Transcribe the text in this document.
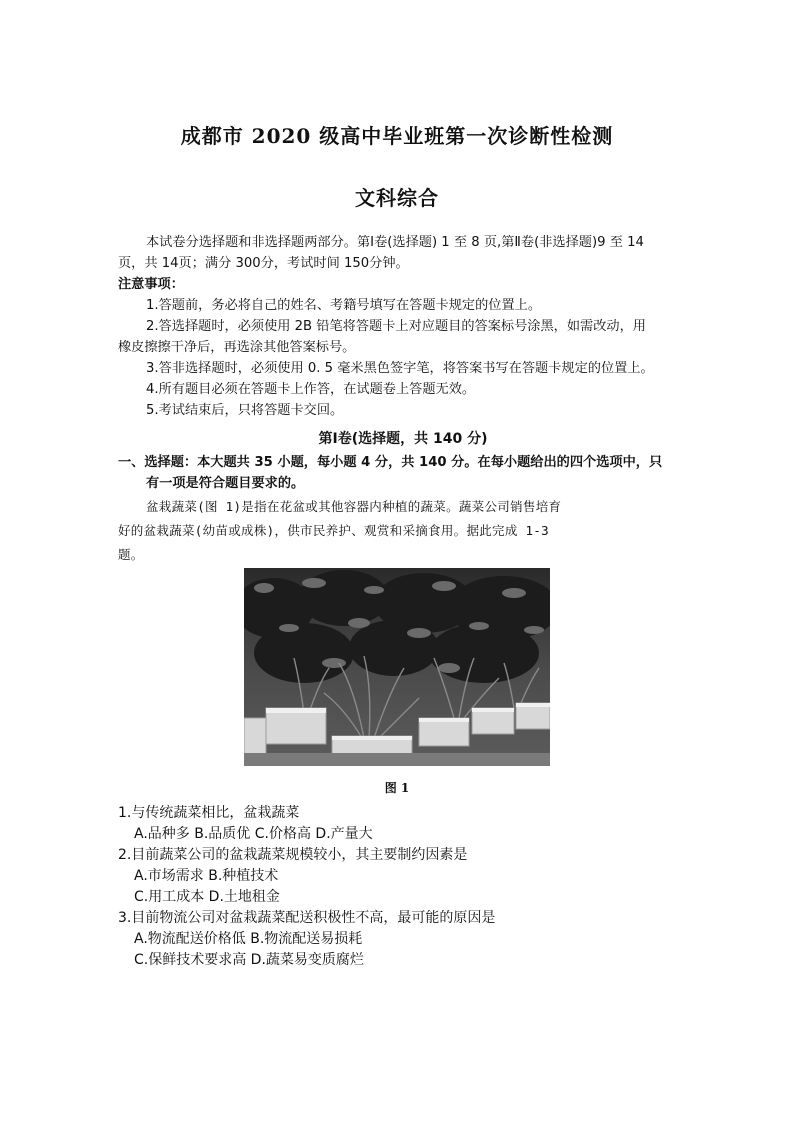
成都市 2020 级高中毕业班第一次诊断性检测
文科综合

本试卷分选择题和非选择题两部分。第Ⅰ卷(选择题) 1 至 8 页,第Ⅱ卷(非选择题)9 至 14

页，共 14页；满分 300分，考试时间 150分钟。

注意事项：

1.答题前，务必将自己的姓名、考籍号填写在答题卡规定的位置上。

2.答选择题时，必须使用 2B 铅笔将答题卡上对应题目的答案标号涂黑，如需改动，用

橡皮擦擦干净后，再选涂其他答案标号。

3.答非选择题时，必须使用 0. 5 毫米黑色签字笔，将答案书写在答题卡规定的位置上。

4.所有题目必须在答题卡上作答，在试题卷上答题无效。

5.考试结束后，只将答题卡交回。

第Ⅰ卷(选择题，共 140 分)

一、选择题：本大题共 35 小题，每小题 4 分，共 140 分。在每小题给出的四个选项中，只

有一项是符合题目要求的。

盆栽蔬菜(图 1)是指在花盆或其他容器内种植的蔬菜。蔬菜公司销售培育

好的盆栽蔬菜(幼苗或成株)，供市民养护、观赏和采摘食用。据此完成 1-3

题。

图 1

1.与传统蔬菜相比，盆栽蔬菜

A.品种多 B.品质优 C.价格高 D.产量大

2.目前蔬菜公司的盆栽蔬菜规模较小，其主要制约因素是

A.市场需求 B.种植技术

C.用工成本 D.土地租金

3.目前物流公司对盆栽蔬菜配送积极性不高，最可能的原因是

A.物流配送价格低 B.物流配送易损耗

C.保鲜技术要求高 D.蔬菜易变质腐烂
